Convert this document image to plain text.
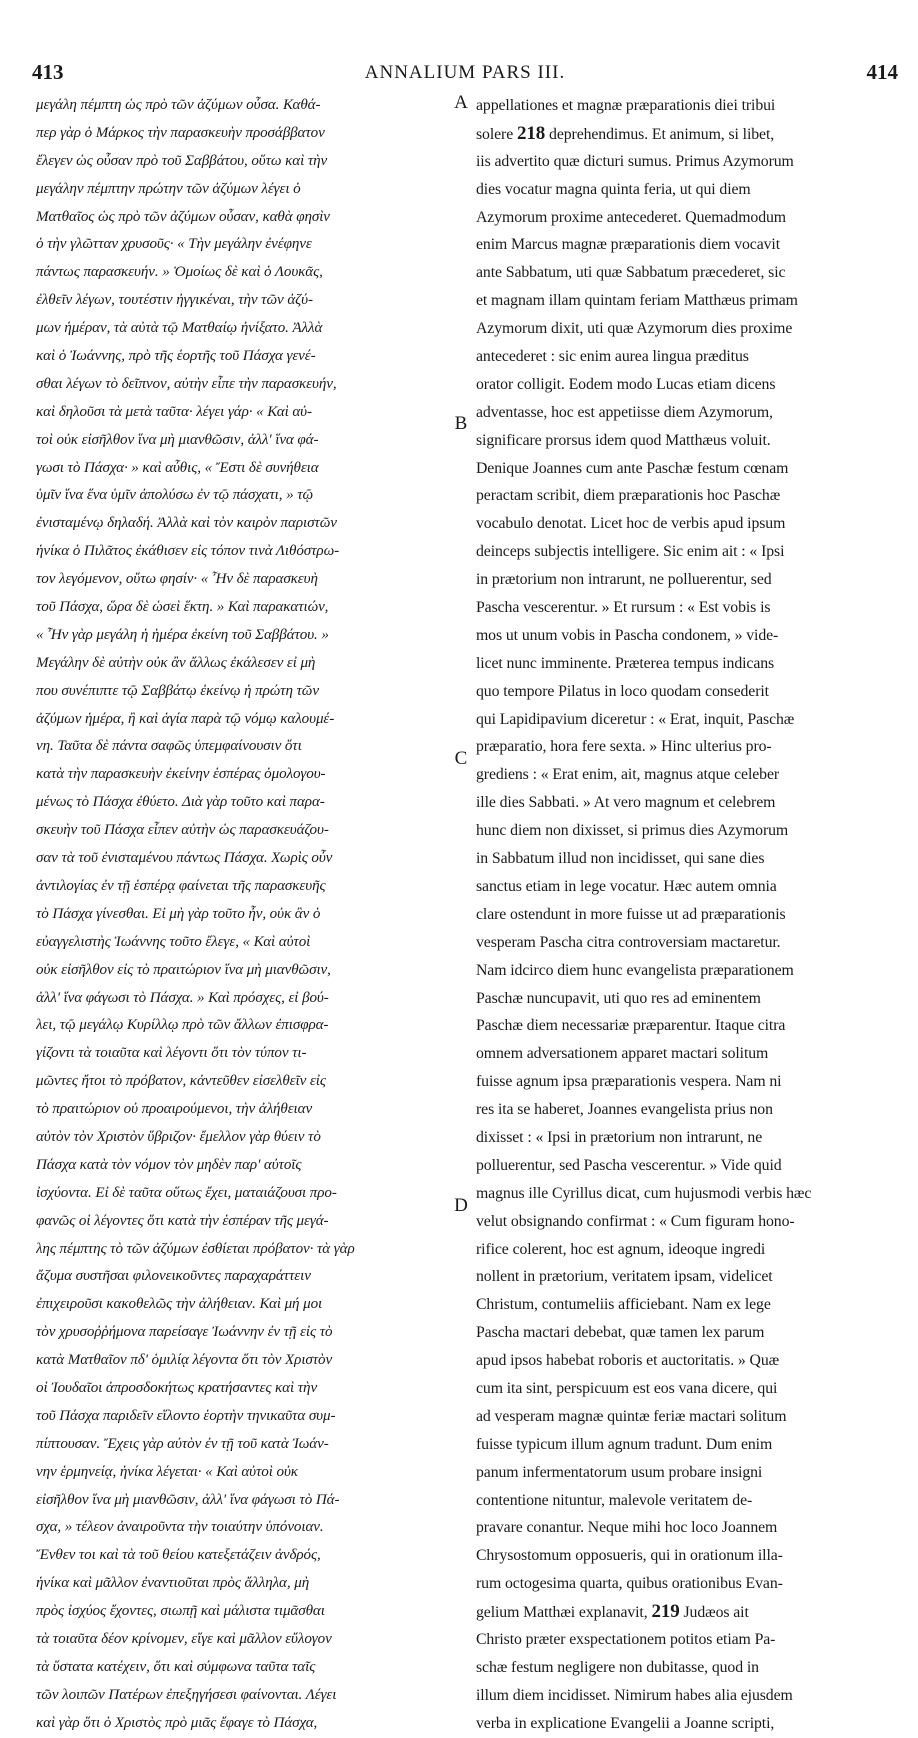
413	ANNALIUM PARS III.	414
μεγάλη πέμπτη ὡς πρὸ τῶν ἀζύμων οὖσα. Καθά-
περ γὰρ ὁ Μάρκος τὴν παρασκευὴν προσάββατον
ἔλεγεν ὡς οὖσαν πρὸ τοῦ Σαββάτου, οὕτω καὶ τὴν
μεγάλην πέμπτην πρώτην τῶν ἀζύμων λέγει ὁ
Ματθαῖος ὡς πρὸ τῶν ἀζύμων οὖσαν, καθὰ φησὶν
ὁ τὴν γλῶτταν χρυσοῦς· « Τὴν μεγάλην ἐνέφηνε
πάντως παρασκευήν. » Ὁμοίως δὲ καὶ ὁ Λουκᾶς,
ἐλθεῖν λέγων, τουτέστιν ἠγγικέναι, τὴν τῶν ἀζύ-
μων ἡμέραν, τὰ αὐτὰ τῷ Ματθαίῳ ἠνίξατο. Ἀλλὰ
καὶ ὁ Ἰωάννης, πρὸ τῆς ἑορτῆς τοῦ Πάσχα γενέ-
σθαι λέγων τὸ δεῖπνον, αὐτὴν εἶπε τὴν παρασκευήν,
καὶ δηλοῦσι τὰ μετὰ ταῦτα· λέγει γάρ· « Καὶ αὐ-
τοὶ οὐκ εἰσῆλθον ἵνα μὴ μιανθῶσιν, ἀλλ' ἵνα φά-
γωσι τὸ Πάσχα· » καὶ αὖθις, « Ἔστι δὲ συνήθεια
ὑμῖν ἵνα ἕνα ὑμῖν ἀπολύσω ἐν τῷ πάσχατι, » τῷ
ἐνισταμένῳ δηλαδή. Ἀλλὰ καὶ τὸν καιρὸν παριστῶν
ἡνίκα ὁ Πιλᾶτος ἐκάθισεν εἰς τόπον τινὰ Λιθόστρω-
τον λεγόμενον, οὕτω φησίν· « Ἦν δὲ παρασκευὴ
τοῦ Πάσχα, ὥρα δὲ ὡσεὶ ἕκτη. » Καὶ παρακατιών,
« Ἦν γὰρ μεγάλη ἡ ἡμέρα ἐκείνη τοῦ Σαββάτου. »
Μεγάλην δὲ αὐτὴν οὐκ ἂν ἄλλως ἐκάλεσεν εἰ μὴ
που συνέπιπτε τῷ Σαββάτῳ ἐκείνῳ ἡ πρώτη τῶν
ἀζύμων ἡμέρα, ἢ καὶ ἁγία παρὰ τῷ νόμῳ καλουμέ-
νη. Ταῦτα δὲ πάντα σαφῶς ὑπεμφαίνουσιν ὅτι
κατὰ τὴν παρασκευὴν ἐκείνην ἑσπέρας ὁμολογου-
μένως τὸ Πάσχα ἐθύετο. Διὰ γὰρ τοῦτο καὶ παρα-
σκευὴν τοῦ Πάσχα εἶπεν αὐτὴν ὡς παρασκευάζου-
σαν τὰ τοῦ ἐνισταμένου πάντως Πάσχα. Χωρὶς οὖν
ἀντιλογίας ἐν τῇ ἑσπέρᾳ φαίνεται τῆς παρασκευῆς
τὸ Πάσχα γίνεσθαι. Εἰ μὴ γὰρ τοῦτο ἦν, οὐκ ἂν ὁ
εὐαγγελιστὴς Ἰωάννης τοῦτο ἔλεγε, « Καὶ αὐτοὶ
οὐκ εἰσῆλθον εἰς τὸ πραιτώριον ἵνα μὴ μιανθῶσιν,
ἀλλ' ἵνα φάγωσι τὸ Πάσχα. » Καὶ πρόσχες, εἰ βού-
λει, τῷ μεγάλῳ Κυρίλλῳ πρὸ τῶν ἄλλων ἐπισφρα-
γίζοντι τὰ τοιαῦτα καὶ λέγοντι ὅτι τὸν τύπον τι-
μῶντες ἤτοι τὸ πρόβατον, κἀντεῦθεν εἰσελθεῖν εἰς
τὸ πραιτώριον οὐ προαιρούμενοι, τὴν ἀλήθειαν
αὐτὸν τὸν Χριστὸν ὕβριζον· ἔμελλον γὰρ θύειν τὸ
Πάσχα κατὰ τὸν νόμον τὸν μηδὲν παρ' αὐτοῖς
ἰσχύοντα. Εἰ δὲ ταῦτα οὕτως ἔχει, ματαιάζουσι προ-
φανῶς οἱ λέγοντες ὅτι κατὰ τὴν ἑσπέραν τῆς μεγά-
λης πέμπτης τὸ τῶν ἀζύμων ἐσθίεται πρόβατον· τὰ γὰρ
ἄζυμα συστῆσαι φιλονεικοῦντες παραχαράττειν
ἐπιχειροῦσι κακοθελῶς τὴν ἀλήθειαν. Καὶ μή μοι
τὸν χρυσοῤῥήμονα παρείσαγε Ἰωάννην ἐν τῇ εἰς τὸ
κατὰ Ματθαῖον πδ' ὁμιλίᾳ λέγοντα ὅτι τὸν Χριστὸν
οἱ Ἰουδαῖοι ἀπροσδοκήτως κρατήσαντες καὶ τὴν
τοῦ Πάσχα παριδεῖν εἵλοντο ἑορτὴν τηνικαῦτα συμ-
πίπτουσαν. Ἔχεις γὰρ αὐτὸν ἐν τῇ τοῦ κατὰ Ἰωάν-
νην ἑρμηνείᾳ, ἡνίκα λέγεται· « Καὶ αὐτοὶ οὐκ
εἰσῆλθον ἵνα μὴ μιανθῶσιν, ἀλλ' ἵνα φάγωσι τὸ Πά-
σχα, » τέλεον ἀναιροῦντα τὴν τοιαύτην ὑπόνοιαν.
Ἔνθεν τοι καὶ τὰ τοῦ θείου κατεξετάζειν ἀνδρός,
ἡνίκα καὶ μᾶλλον ἐναντιοῦται πρὸς ἄλληλα, μὴ
πρὸς ἰσχύος ἔχοντες, σιωπῇ καὶ μάλιστα τιμᾶσθαι
τὰ τοιαῦτα δέον κρίνομεν, εἴγε καὶ μᾶλλον εὔλογον
τὰ ὕστατα κατέχειν, ὅτι καὶ σύμφωνα ταῦτα ταῖς
τῶν λοιπῶν Πατέρων ἐπεξηγήσεσι φαίνονται. Λέγει
καὶ γὰρ ὅτι ὁ Χριστὸς πρὸ μιᾶς ἔφαγε τὸ Πάσχα,
A
B
C
D
appellationes et magnæ præparationis diei tribui
solere 218 deprehendimus. Et animum, si libet,
iis advertito quæ dicturi sumus. Primus Azymorum
dies vocatur magna quinta feria, ut qui diem
Azymorum proxime antecederet. Quemadmodum
enim Marcus magnæ præparationis diem vocavit
ante Sabbatum, uti quæ Sabbatum præcederet, sic
et magnam illam quintam feriam Matthæus primam
Azymorum dixit, uti quæ Azymorum dies proxime
antecederet : sic enim aurea lingua præditus
orator colligit. Eodem modo Lucas etiam dicens
adventasse, hoc est appetiisse diem Azymorum,
significare prorsus idem quod Matthæus voluit.
Denique Joannes cum ante Paschæ festum cœnam
peractam scribit, diem præparationis hoc Paschæ
vocabulo denotat. Licet hoc de verbis apud ipsum
deinceps subjectis intelligere. Sic enim ait : « Ipsi
in prætorium non intrarunt, ne polluerentur, sed
Pascha vescerentur. » Et rursum : « Est vobis is
mos ut unum vobis in Pascha condonem, » vide-
licet nunc imminente. Præterea tempus indicans
quo tempore Pilatus in loco quodam consederit
qui Lapidipavium diceretur : « Erat, inquit, Paschæ
præparatio, hora fere sexta. » Hinc ulterius pro-
grediens : « Erat enim, ait, magnus atque celeber
ille dies Sabbati. » At vero magnum et celebrem
hunc diem non dixisset, si primus dies Azymorum
in Sabbatum illud non incidisset, qui sane dies
sanctus etiam in lege vocatur. Hæc autem omnia
clare ostendunt in more fuisse ut ad præparationis
vesperam Pascha citra controversiam mactaretur.
Nam idcirco diem hunc evangelista præparationem
Paschæ nuncupavit, uti quo res ad eminentem
Paschæ diem necessariæ præparentur. Itaque citra
omnem adversationem apparet mactari solitum
fuisse agnum ipsa præparationis vespera. Nam ni
res ita se haberet, Joannes evangelista prius non
dixisset : « Ipsi in prætorium non intrarunt, ne
polluerentur, sed Pascha vescerentur. » Vide quid
magnus ille Cyrillus dicat, cum hujusmodi verbis hæc
velut obsignando confirmat : « Cum figuram hono-
rifice colerent, hoc est agnum, ideoque ingredi
nollent in prætorium, veritatem ipsam, videlicet
Christum, contumeliis afficiebant. Nam ex lege
Pascha mactari debebat, quæ tamen lex parum
apud ipsos habebat roboris et auctoritatis. » Quæ
cum ita sint, perspicuum est eos vana dicere, qui
ad vesperam magnæ quintæ feriæ mactari solitum
fuisse typicum illum agnum tradunt. Dum enim
panum infermentatorum usum probare insigni
contentione nituntur, malevole veritatem de-
pravare conantur. Neque mihi hoc loco Joannem
Chrysostomum opposueris, qui in orationum illa-
rum octogesima quarta, quibus orationibus Evan-
gelium Matthæi explanavit, 219 Judæos ait
Christo præter exspectationem potitos etiam Pa-
schæ festum negligere non dubitasse, quod in
illum diem incidisset. Nimirum habes alia ejusdem
verba in explicatione Evangelii a Joanne scripti,
